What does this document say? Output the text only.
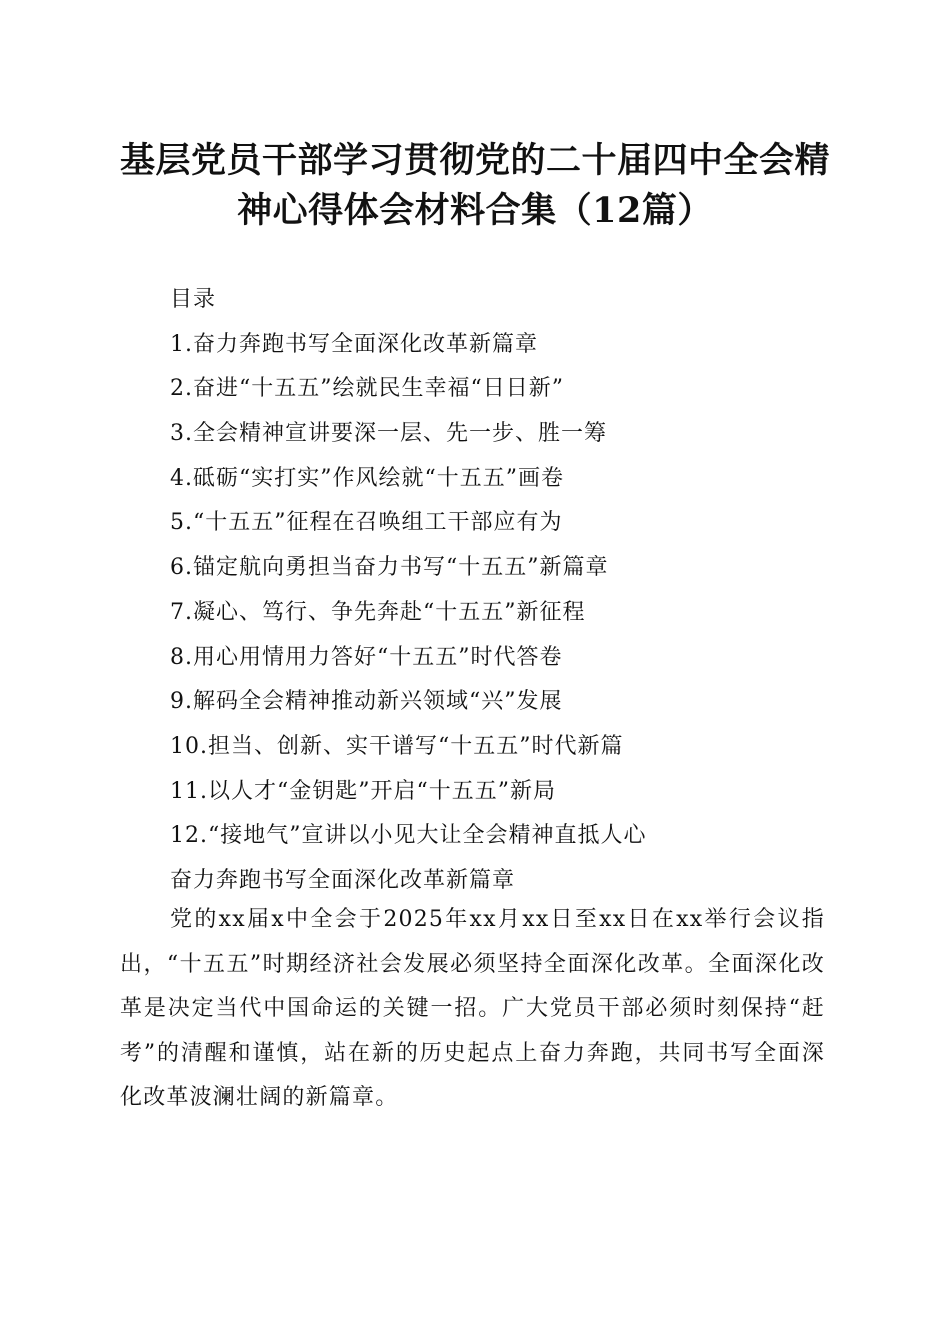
基层党员干部学习贯彻党的二十届四中全会精
神心得体会材料合集（12篇）
目录
1.奋力奔跑书写全面深化改革新篇章
2.奋进“十五五”绘就民生幸福“日日新”
3.全会精神宣讲要深一层、先一步、胜一筹
4.砥砺“实打实”作风绘就“十五五”画卷
5.“十五五”征程在召唤组工干部应有为
6.锚定航向勇担当奋力书写“十五五”新篇章
7.凝心、笃行、争先奔赴“十五五”新征程
8.用心用情用力答好“十五五”时代答卷
9.解码全会精神推动新兴领域“兴”发展
10.担当、创新、实干谱写“十五五”时代新篇
11.以人才“金钥匙”开启“十五五”新局
12.“接地气”宣讲以小见大让全会精神直抵人心
奋力奔跑书写全面深化改革新篇章

党的xx届x中全会于2025年xx月xx日至xx日在xx举行会议指出，“十五五”时期经济社会发展必须坚持全面深化改革。全面深化改革是决定当代中国命运的关键一招。广大党员干部必须时刻保持“赶考”的清醒和谨慎，站在新的历史起点上奋力奔跑，共同书写全面深化改革波澜壮阔的新篇章。
